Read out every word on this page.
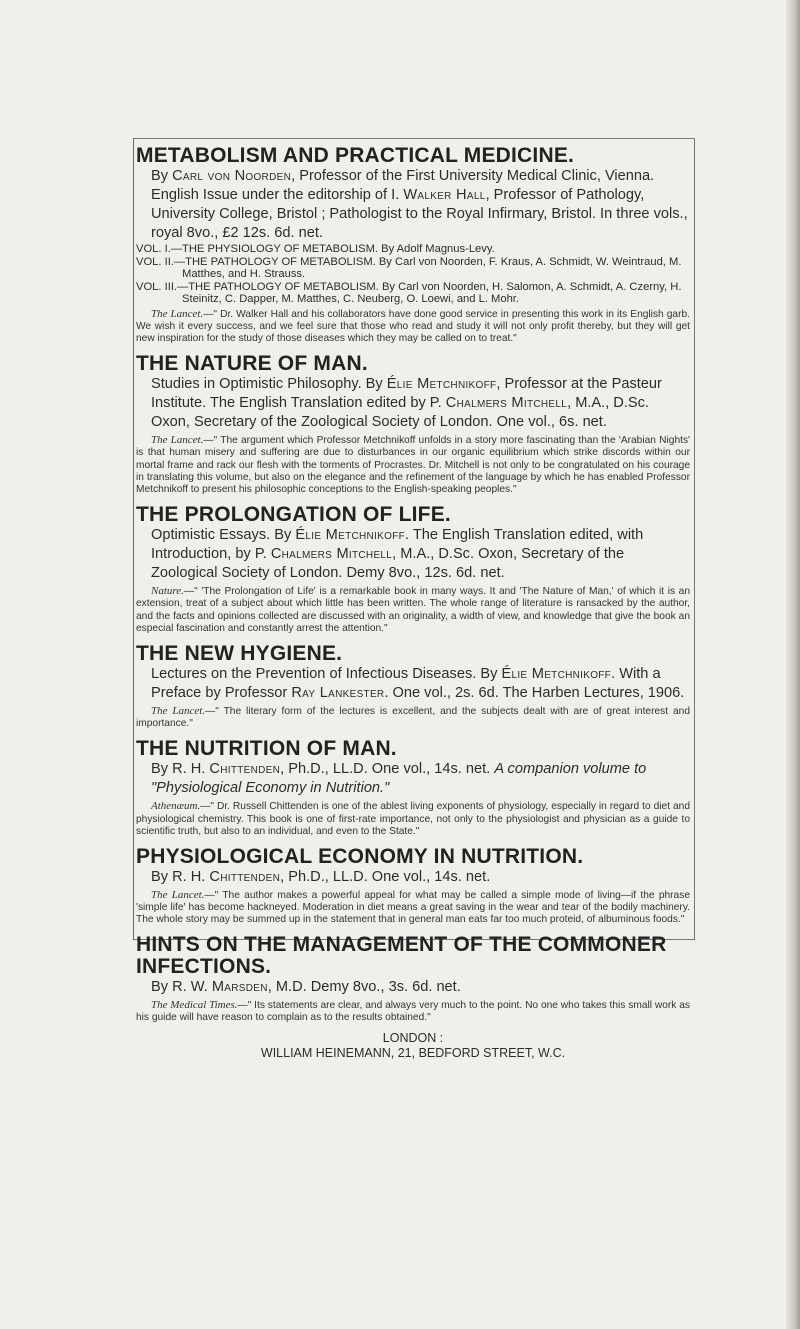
METABOLISM AND PRACTICAL MEDICINE.

By Carl von Noorden, Professor of the First University Medical Clinic, Vienna. English Issue under the editorship of I. Walker Hall, Professor of Pathology, University College, Bristol ; Pathologist to the Royal Infirmary, Bristol. In three vols., royal 8vo., £2 12s. 6d. net.

VOL. I.—THE PHYSIOLOGY OF METABOLISM. By Adolf Magnus-Levy.

VOL. II.—THE PATHOLOGY OF METABOLISM. By Carl von Noorden, F. Kraus, A. Schmidt, W. Weintraud, M. Matthes, and H. Strauss.

VOL. III.—THE PATHOLOGY OF METABOLISM. By Carl von Noorden, H. Salomon, A. Schmidt, A. Czerny, H. Steinitz, C. Dapper, M. Matthes, C. Neuberg, O. Loewi, and L. Mohr.

The Lancet.—" Dr. Walker Hall and his collaborators have done good service in presenting this work in its English garb. We wish it every success, and we feel sure that those who read and study it will not only profit thereby, but they will get new inspiration for the study of those diseases which they may be called on to treat."

THE NATURE OF MAN.

Studies in Optimistic Philosophy. By Élie Metchnikoff, Professor at the Pasteur Institute. The English Translation edited by P. Chalmers Mitchell, M.A., D.Sc. Oxon, Secretary of the Zoological Society of London. One vol., 6s. net.

The Lancet.—" The argument which Professor Metchnikoff unfolds in a story more fascinating than the 'Arabian Nights' is that human misery and suffering are due to disturbances in our organic equilibrium which strike discords within our mortal frame and rack our flesh with the torments of Procrastes. Dr. Mitchell is not only to be congratulated on his courage in translating this volume, but also on the elegance and the refinement of the language by which he has enabled Professor Metchnikoff to present his philosophic conceptions to the English-speaking peoples."

THE PROLONGATION OF LIFE.

Optimistic Essays. By Élie Metchnikoff. The English Translation edited, with Introduction, by P. Chalmers Mitchell, M.A., D.Sc. Oxon, Secretary of the Zoological Society of London. Demy 8vo., 12s. 6d. net.

Nature.—" 'The Prolongation of Life' is a remarkable book in many ways. It and 'The Nature of Man,' of which it is an extension, treat of a subject about which little has been written. The whole range of literature is ransacked by the author, and the facts and opinions collected are discussed with an originality, a width of view, and knowledge that give the book an especial fascination and constantly arrest the attention."

THE NEW HYGIENE.

Lectures on the Prevention of Infectious Diseases. By Élie Metchnikoff. With a Preface by Professor Ray Lankester. One vol., 2s. 6d. The Harben Lectures, 1906.

The Lancet.—" The literary form of the lectures is excellent, and the subjects dealt with are of great interest and importance."

THE NUTRITION OF MAN.

By R. H. Chittenden, Ph.D., LL.D. One vol., 14s. net. A companion volume to "Physiological Economy in Nutrition."

Athenæum.—" Dr. Russell Chittenden is one of the ablest living exponents of physiology, especially in regard to diet and physiological chemistry. This book is one of first-rate importance, not only to the physiologist and physician as a guide to scientific truth, but also to an individual, and even to the State."

PHYSIOLOGICAL ECONOMY IN NUTRITION.

By R. H. Chittenden, Ph.D., LL.D. One vol., 14s. net.

The Lancet.—" The author makes a powerful appeal for what may be called a simple mode of living—if the phrase 'simple life' has become hackneyed. Moderation in diet means a great saving in the wear and tear of the bodily machinery. The whole story may be summed up in the statement that in general man eats far too much proteid, of albuminous foods."

HINTS ON THE MANAGEMENT OF THE COMMONER INFECTIONS.

By R. W. Marsden, M.D. Demy 8vo., 3s. 6d. net.

The Medical Times.—" Its statements are clear, and always very much to the point. No one who takes this small work as his guide will have reason to complain as to the results obtained."

LONDON :
WILLIAM HEINEMANN, 21, BEDFORD STREET, W.C.
